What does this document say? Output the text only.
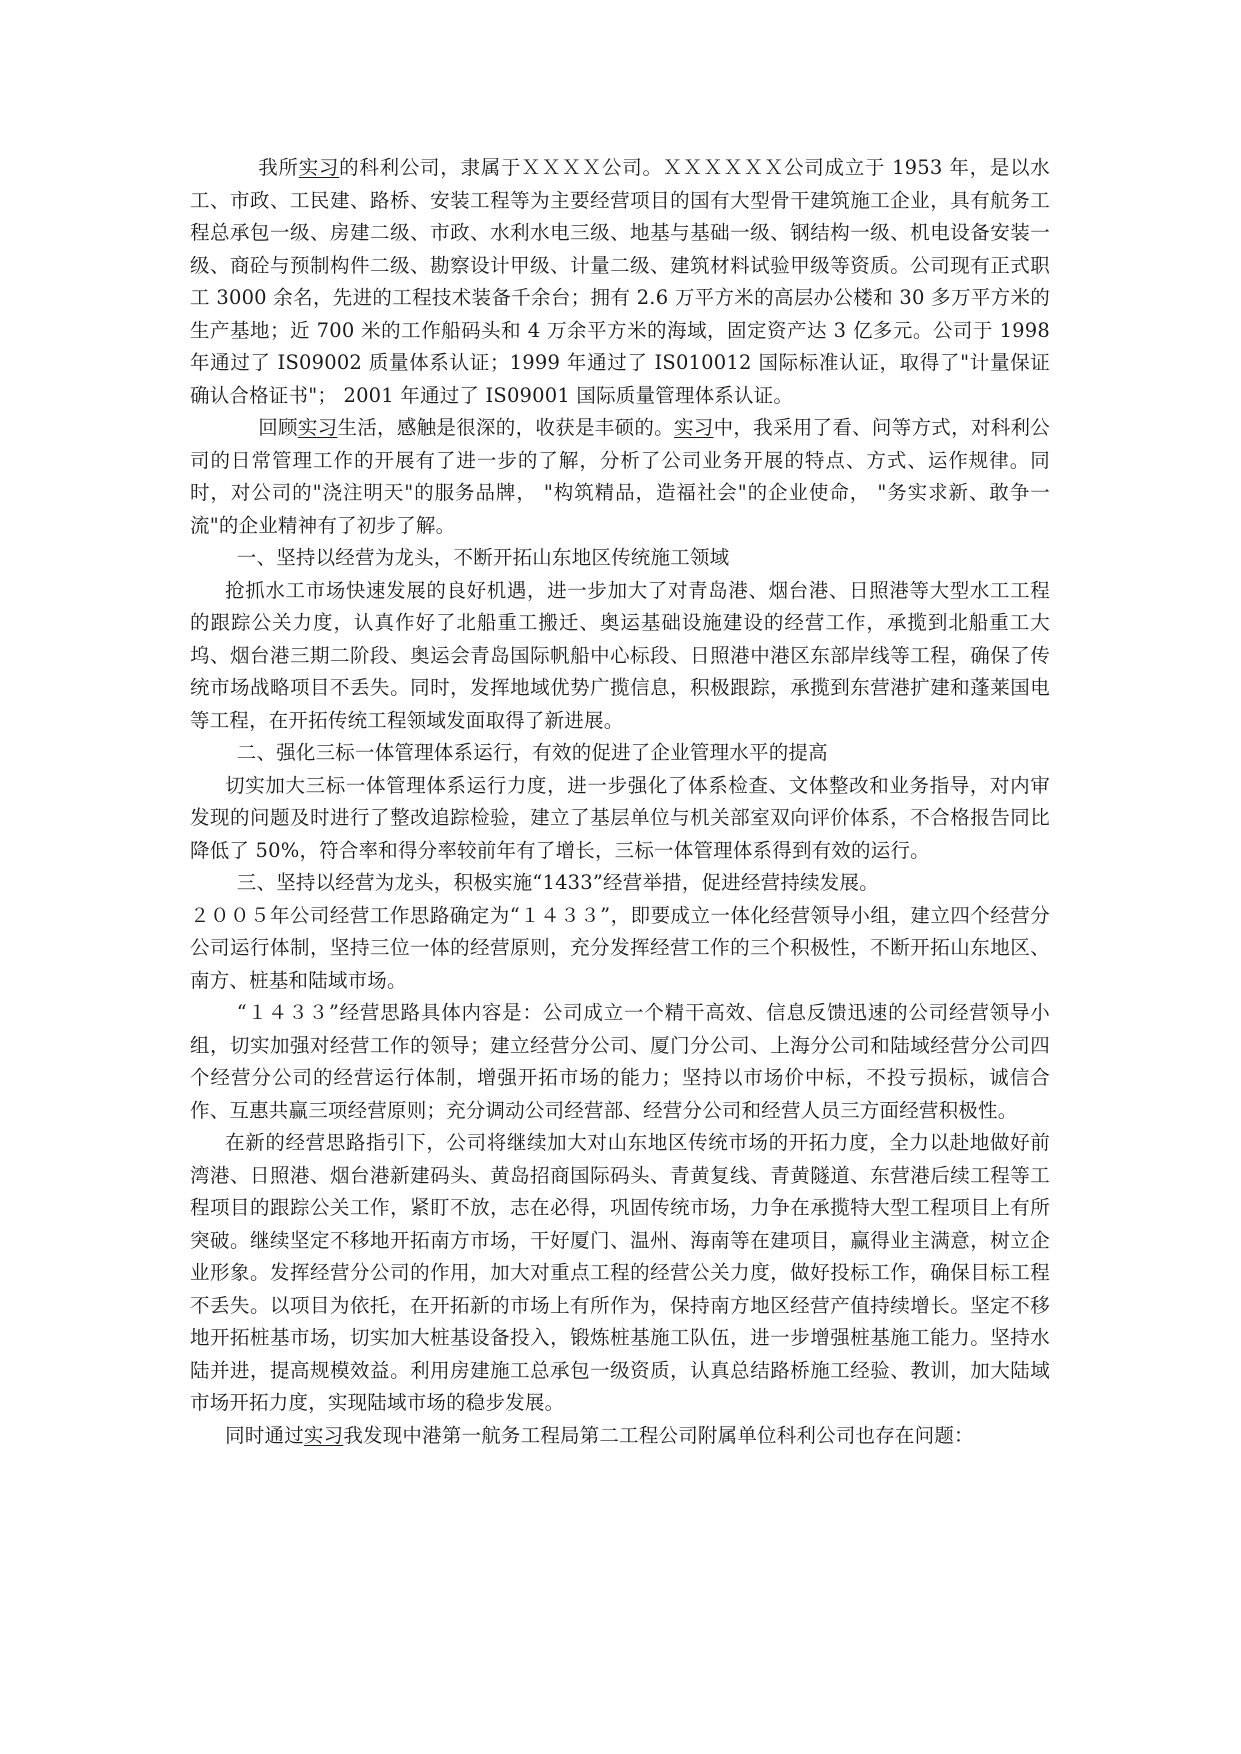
我所实习的科利公司，隶属于ＸＸＸＸ公司。ＸＸＸＸＸＸ公司成立于 1953 年，是以水工、市政、工民建、路桥、安装工程等为主要经营项目的国有大型骨干建筑施工企业，具有航务工程总承包一级、房建二级、市政、水利水电三级、地基与基础一级、钢结构一级、机电设备安装一级、商砼与预制构件二级、勘察设计甲级、计量二级、建筑材料试验甲级等资质。公司现有正式职工 3000 余名，先进的工程技术装备千余台；拥有 2.6 万平方米的高层办公楼和 30 多万平方米的生产基地；近 700 米的工作船码头和 4 万余平方米的海域，固定资产达 3 亿多元。公司于 1998 年通过了 IS09002 质量体系认证；1999 年通过了 IS010012 国际标准认证，取得了"计量保证确认合格证书"； 2001 年通过了 IS09001 国际质量管理体系认证。

回顾实习生活，感触是很深的，收获是丰硕的。实习中，我采用了看、问等方式，对科利公司的日常管理工作的开展有了进一步的了解，分析了公司业务开展的特点、方式、运作规律。同时，对公司的"浇注明天"的服务品牌， "构筑精品，造福社会"的企业使命， "务实求新、敢争一流"的企业精神有了初步了解。

一、坚持以经营为龙头，不断开拓山东地区传统施工领域

抢抓水工市场快速发展的良好机遇，进一步加大了对青岛港、烟台港、日照港等大型水工工程的跟踪公关力度，认真作好了北船重工搬迁、奥运基础设施建设的经营工作，承揽到北船重工大坞、烟台港三期二阶段、奥运会青岛国际帆船中心标段、日照港中港区东部岸线等工程，确保了传统市场战略项目不丢失。同时，发挥地域优势广揽信息，积极跟踪，承揽到东营港扩建和蓬莱国电等工程，在开拓传统工程领域发面取得了新进展。

二、强化三标一体管理体系运行，有效的促进了企业管理水平的提高

切实加大三标一体管理体系运行力度，进一步强化了体系检查、文体整改和业务指导，对内审发现的问题及时进行了整改追踪检验，建立了基层单位与机关部室双向评价体系，不合格报告同比降低了 50%，符合率和得分率较前年有了增长，三标一体管理体系得到有效的运行。

三、坚持以经营为龙头，积极实施“1433”经营举措，促进经营持续发展。

２００５年公司经营工作思路确定为“１４３３”，即要成立一体化经营领导小组，建立四个经营分公司运行体制，坚持三位一体的经营原则，充分发挥经营工作的三个积极性，不断开拓山东地区、南方、桩基和陆域市场。

“１４３３”经营思路具体内容是：公司成立一个精干高效、信息反馈迅速的公司经营领导小组，切实加强对经营工作的领导；建立经营分公司、厦门分公司、上海分公司和陆域经营分公司四个经营分公司的经营运行体制，增强开拓市场的能力；坚持以市场价中标，不投亏损标，诚信合作、互惠共赢三项经营原则；充分调动公司经营部、经营分公司和经营人员三方面经营积极性。

在新的经营思路指引下，公司将继续加大对山东地区传统市场的开拓力度，全力以赴地做好前湾港、日照港、烟台港新建码头、黄岛招商国际码头、青黄复线、青黄隧道、东营港后续工程等工程项目的跟踪公关工作，紧盯不放，志在必得，巩固传统市场，力争在承揽特大型工程项目上有所突破。继续坚定不移地开拓南方市场，干好厦门、温州、海南等在建项目，赢得业主满意，树立企业形象。发挥经营分公司的作用，加大对重点工程的经营公关力度，做好投标工作，确保目标工程不丢失。以项目为依托，在开拓新的市场上有所作为，保持南方地区经营产值持续增长。坚定不移地开拓桩基市场，切实加大桩基设备投入，锻炼桩基施工队伍，进一步增强桩基施工能力。坚持水陆并进，提高规模效益。利用房建施工总承包一级资质，认真总结路桥施工经验、教训，加大陆域市场开拓力度，实现陆域市场的稳步发展。

同时通过实习我发现中港第一航务工程局第二工程公司附属单位科利公司也存在问题：
